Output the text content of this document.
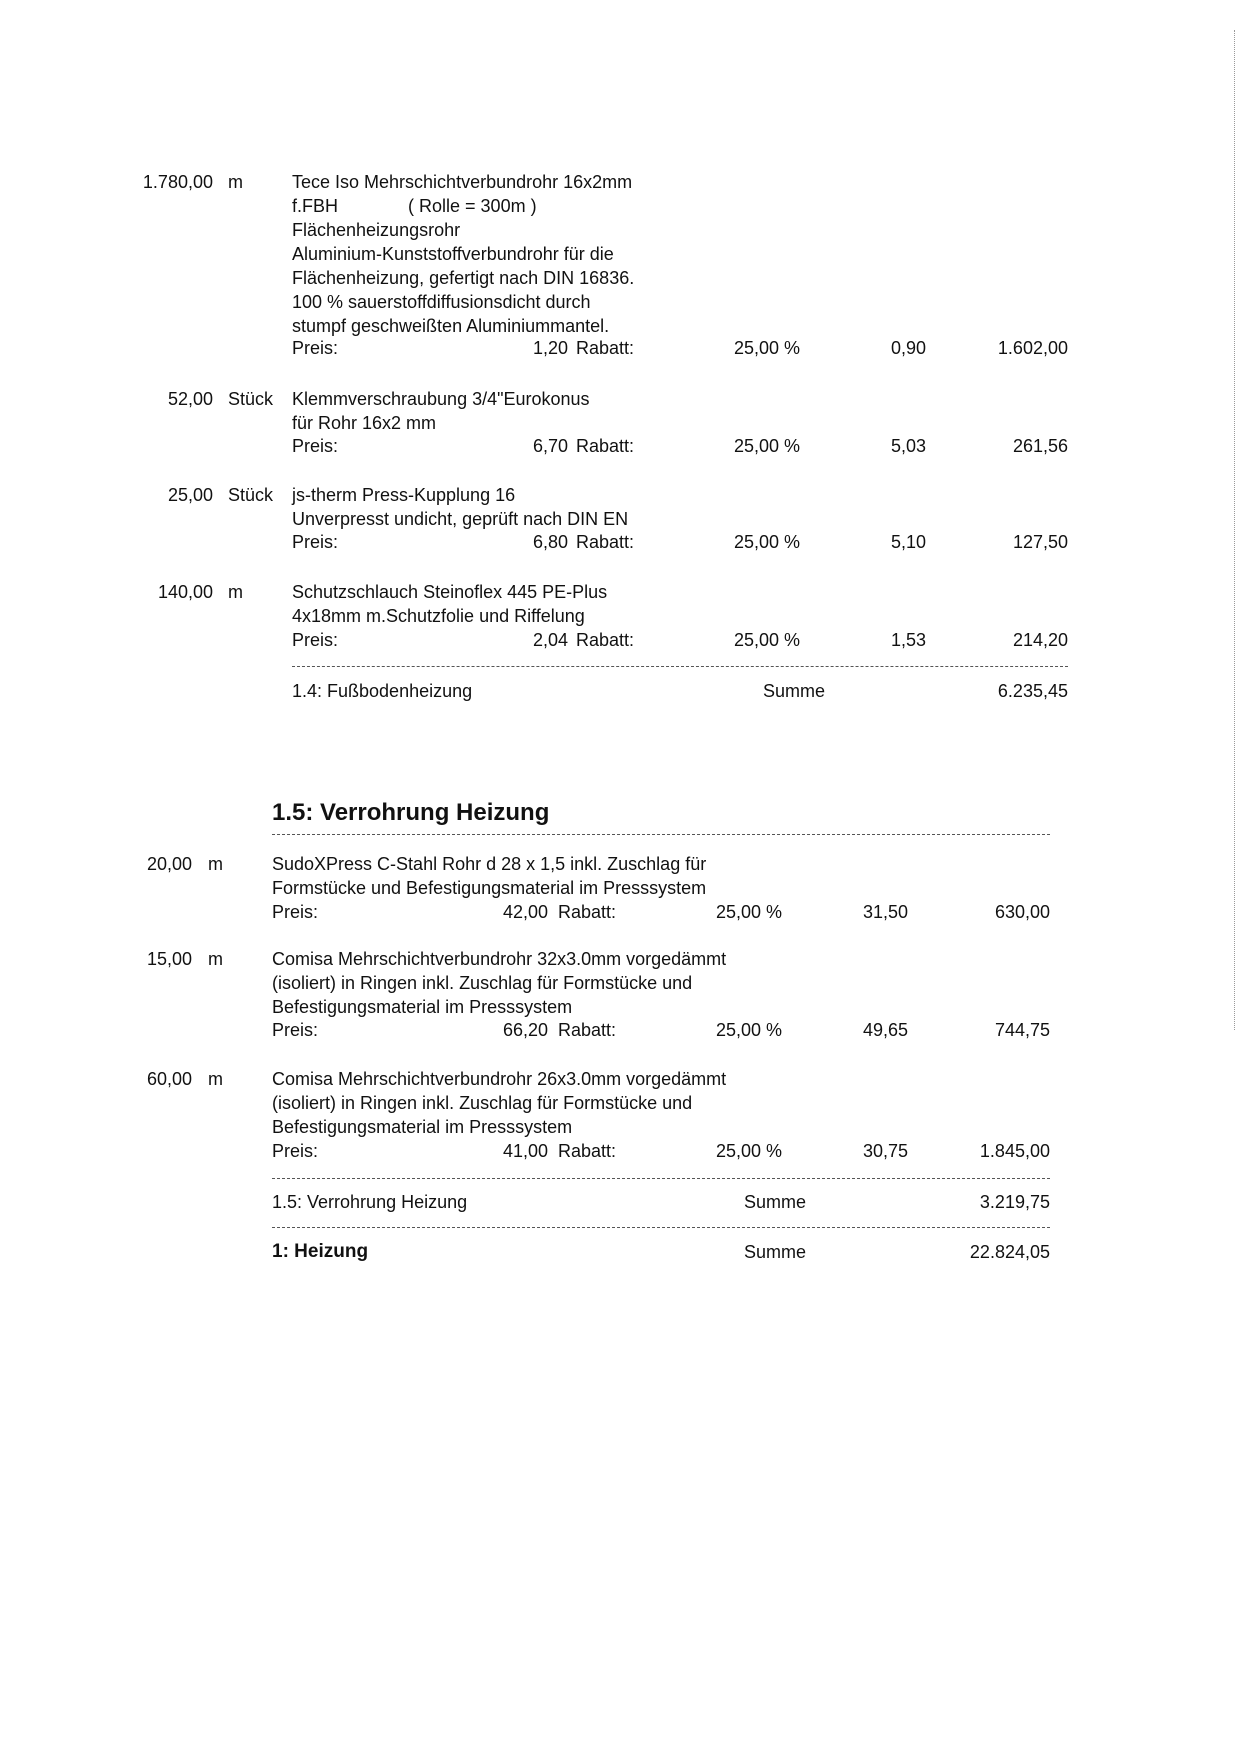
1.780,00 m	Tece Iso Mehrschichtverbundrohr 16x2mm
f.FBH              ( Rolle = 300m )
Flächenheizungsrohr
Aluminium-Kunststoffverbundrohr für die
Flächenheizung, gefertigt nach DIN 16836.
100 % sauerstoffdiffusionsdicht durch
stumpf geschweißten Aluminiummantel.
Preis:	1,20 Rabatt:	25,00 %	0,90	1.602,00
52,00 Stück Klemmverschraubung 3/4"Eurokonus
für Rohr 16x2 mm
Preis:	6,70 Rabatt:	25,00 %	5,03	261,56
25,00 Stück js-therm Press-Kupplung 16
Unverpresst undicht, geprüft nach DIN EN
Preis:	6,80 Rabatt:	25,00 %	5,10	127,50
140,00 m	Schutzschlauch Steinoflex 445 PE-Plus
4x18mm m.Schutzfolie und Riffelung
Preis:	2,04 Rabatt:	25,00 %	1,53	214,20
1.4: Fußbodenheizung	Summe	6.235,45
1.5: Verrohrung Heizung
20,00 m	SudoXPress C-Stahl Rohr d 28 x 1,5 inkl. Zuschlag für
Formstücke und Befestigungsmaterial im Presssystem
Preis:	42,00 Rabatt:	25,00 %	31,50	630,00
15,00 m	Comisa Mehrschichtverbundrohr 32x3.0mm vorgedämmt
(isoliert) in Ringen inkl. Zuschlag für Formstücke und
Befestigungsmaterial im Presssystem
Preis:	66,20 Rabatt:	25,00 %	49,65	744,75
60,00 m	Comisa Mehrschichtverbundrohr 26x3.0mm vorgedämmt
(isoliert) in Ringen inkl. Zuschlag für Formstücke und
Befestigungsmaterial im Presssystem
Preis:	41,00 Rabatt:	25,00 %	30,75	1.845,00
1.5: Verrohrung Heizung	Summe	3.219,75
1: Heizung	Summe	22.824,05
